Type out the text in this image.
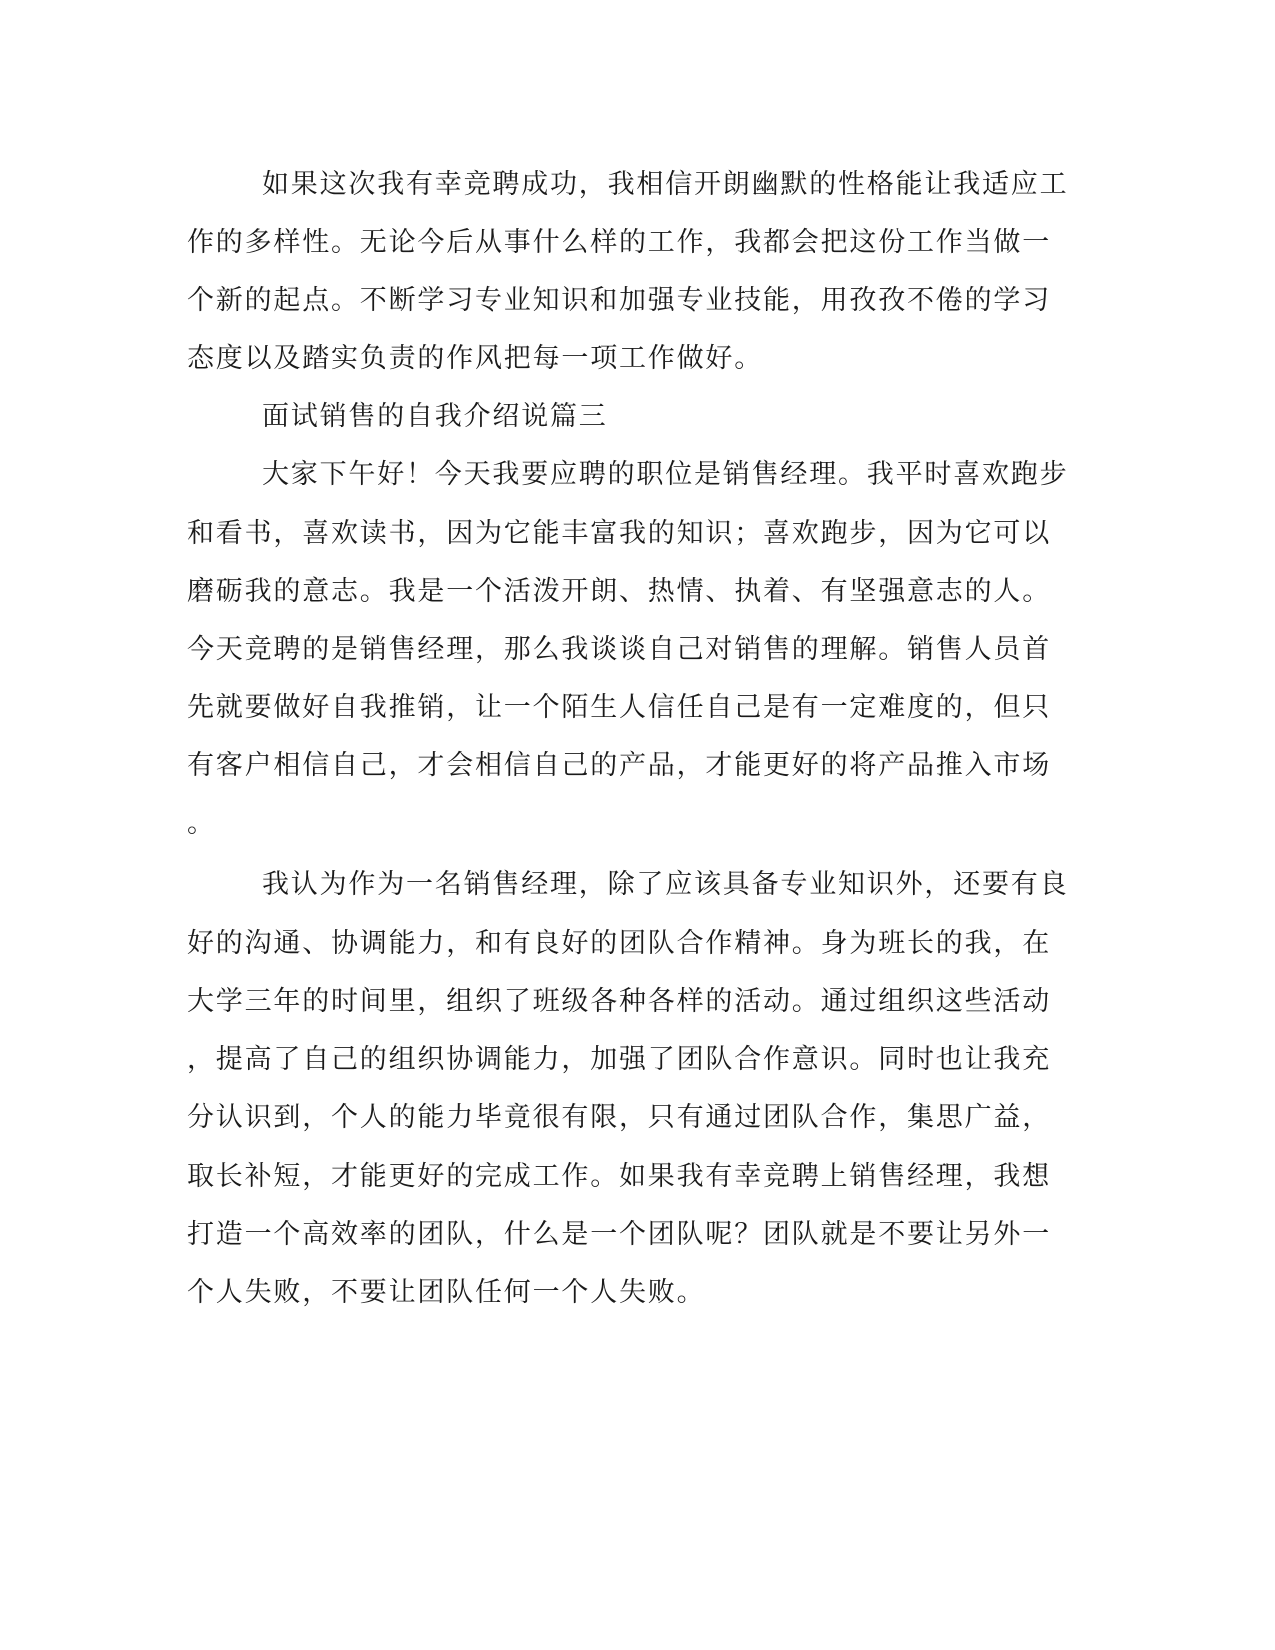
如果这次我有幸竞聘成功，我相信开朗幽默的性格能让我适应工
作的多样性。无论今后从事什么样的工作，我都会把这份工作当做一
个新的起点。不断学习专业知识和加强专业技能，用孜孜不倦的学习
态度以及踏实负责的作风把每一项工作做好。
面试销售的自我介绍说篇三
大家下午好！今天我要应聘的职位是销售经理。我平时喜欢跑步
和看书，喜欢读书，因为它能丰富我的知识；喜欢跑步，因为它可以
磨砺我的意志。我是一个活泼开朗、热情、执着、有坚强意志的人。
今天竞聘的是销售经理，那么我谈谈自己对销售的理解。销售人员首
先就要做好自我推销，让一个陌生人信任自己是有一定难度的，但只
有客户相信自己，才会相信自己的产品，才能更好的将产品推入市场
。
我认为作为一名销售经理，除了应该具备专业知识外，还要有良
好的沟通、协调能力，和有良好的团队合作精神。身为班长的我，在
大学三年的时间里，组织了班级各种各样的活动。通过组织这些活动
，提高了自己的组织协调能力，加强了团队合作意识。同时也让我充
分认识到，个人的能力毕竟很有限，只有通过团队合作，集思广益，
取长补短，才能更好的完成工作。如果我有幸竞聘上销售经理，我想
打造一个高效率的团队，什么是一个团队呢？团队就是不要让另外一
个人失败，不要让团队任何一个人失败。
